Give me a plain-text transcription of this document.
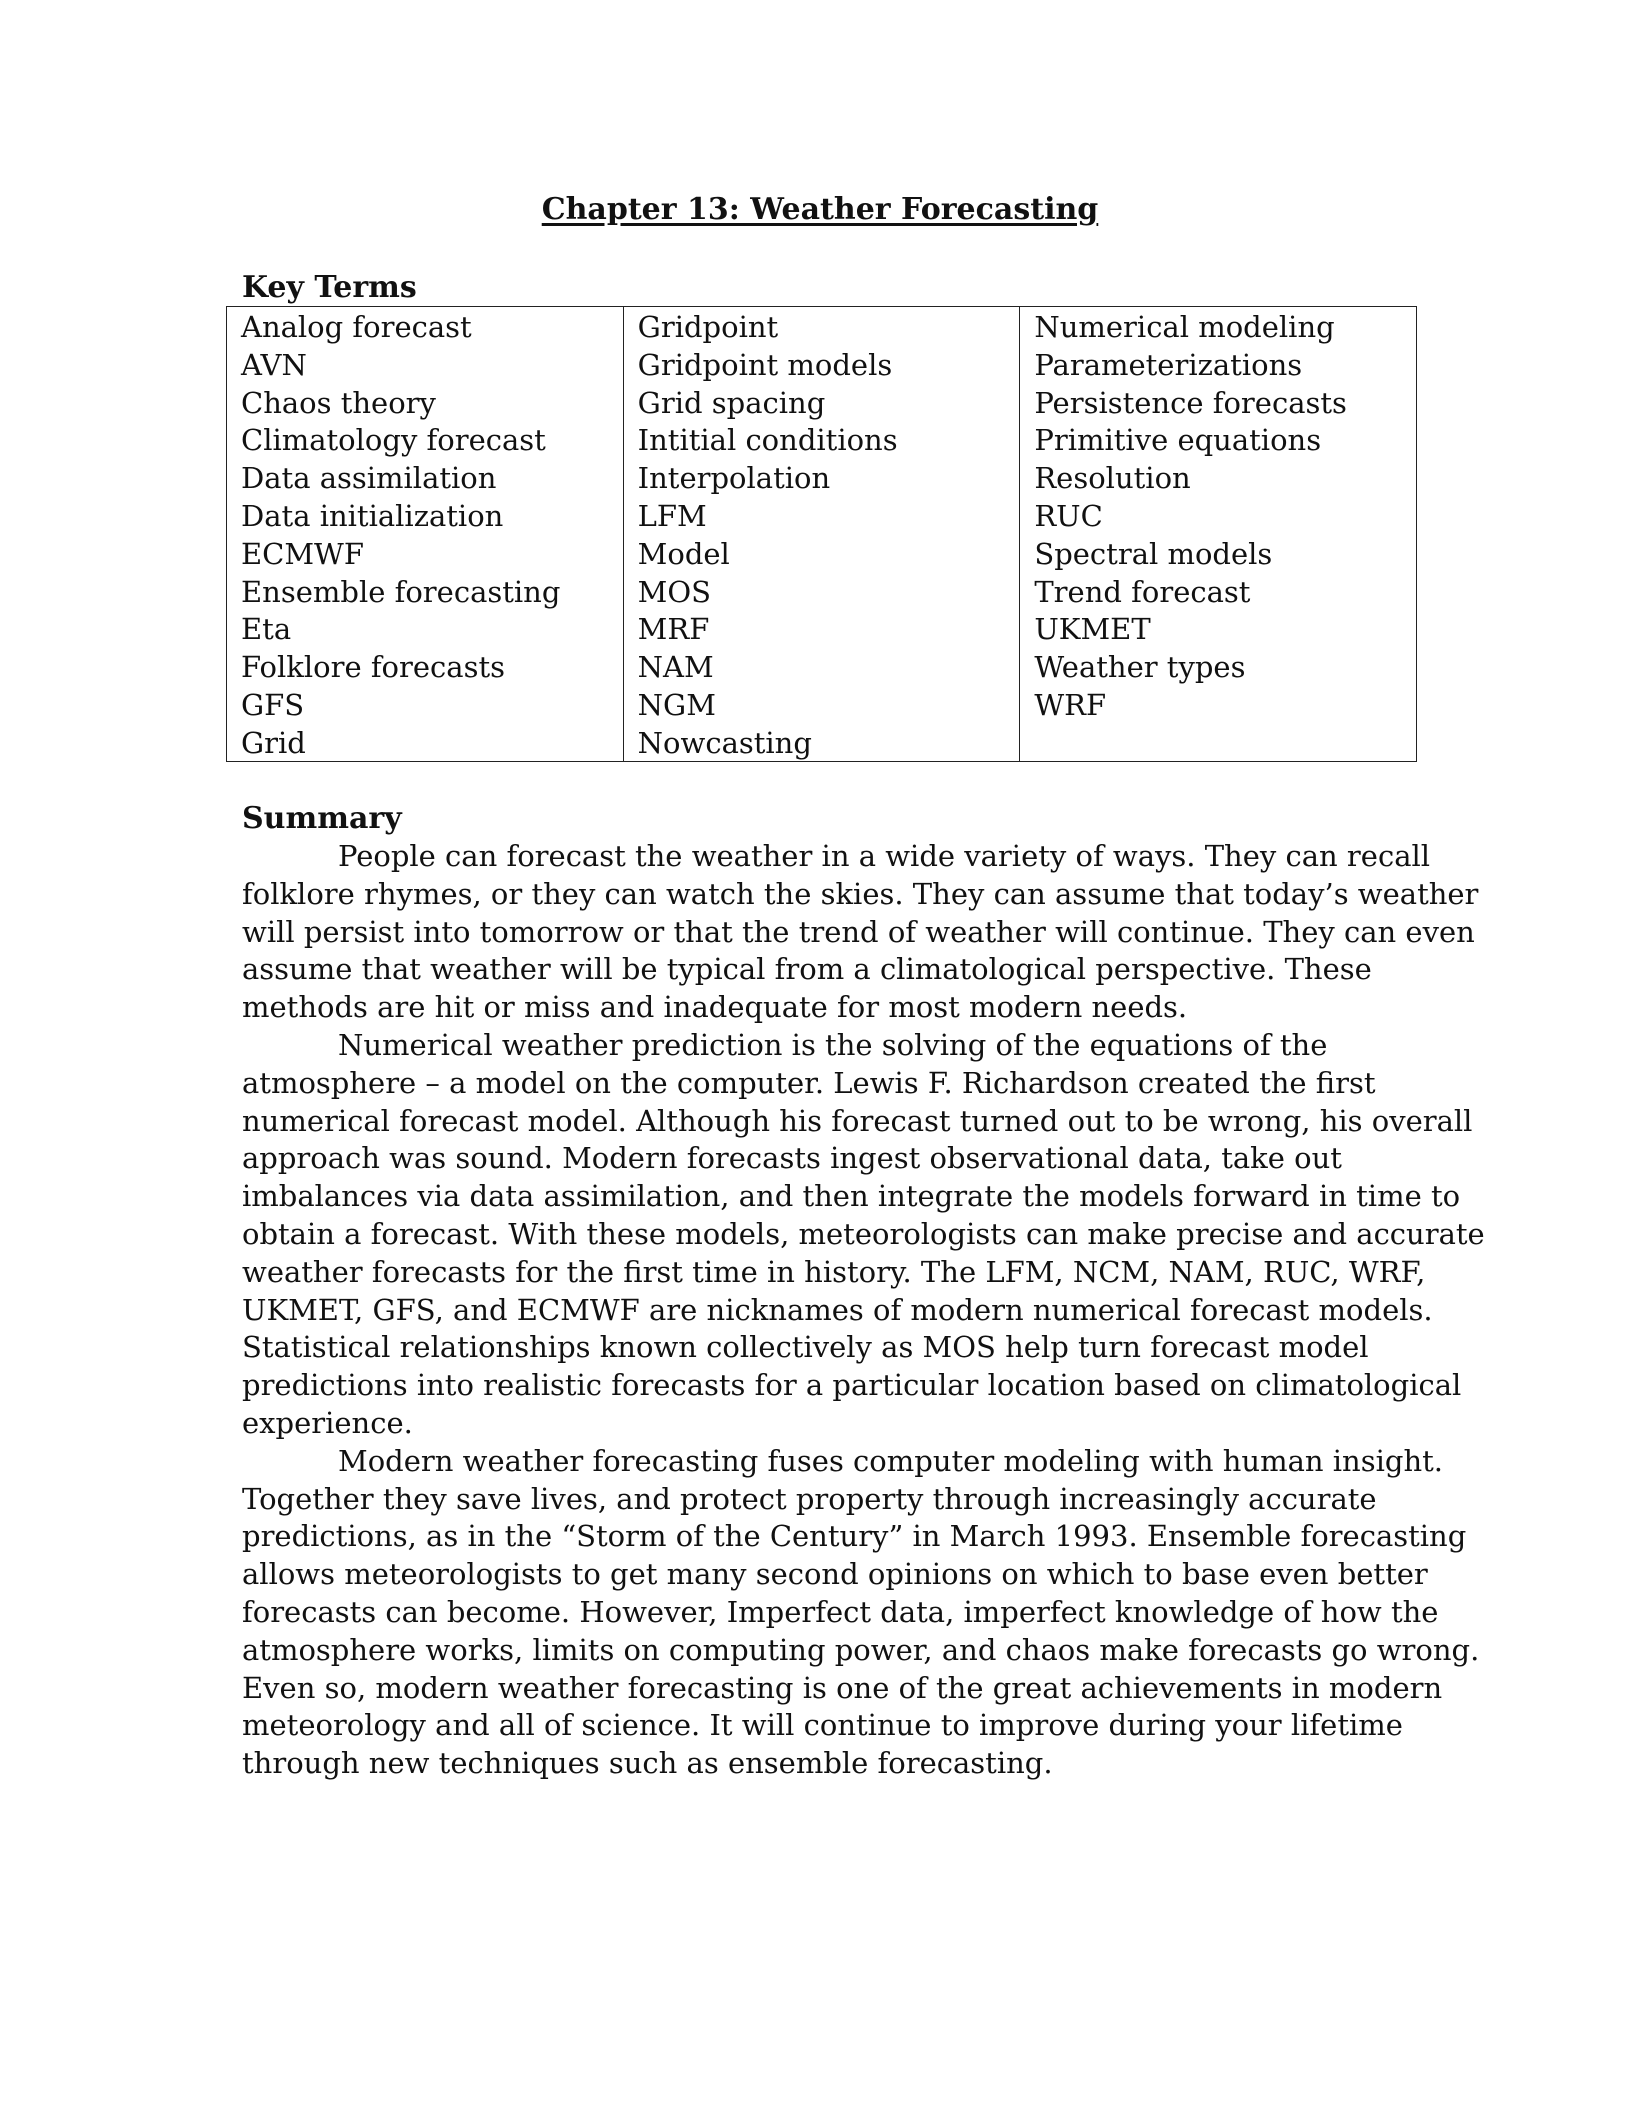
Chapter 13: Weather Forecasting
Key Terms
Analog forecast
AVN
Chaos theory
Climatology forecast
Data assimilation
Data initialization
ECMWF
Ensemble forecasting
Eta
Folklore forecasts
GFS
Grid
Gridpoint
Gridpoint models
Grid spacing
Intitial conditions
Interpolation
LFM
Model
MOS
MRF
NAM
NGM
Nowcasting
Numerical modeling
Parameterizations
Persistence forecasts
Primitive equations
Resolution
RUC
Spectral models
Trend forecast
UKMET
Weather types
WRF
Summary
People can forecast the weather in a wide variety of ways. They can recall
folklore rhymes, or they can watch the skies. They can assume that today’s weather
will persist into tomorrow or that the trend of weather will continue. They can even
assume that weather will be typical from a climatological perspective. These
methods are hit or miss and inadequate for most modern needs.
Numerical weather prediction is the solving of the equations of the
atmosphere – a model on the computer. Lewis F. Richardson created the first
numerical forecast model. Although his forecast turned out to be wrong, his overall
approach was sound. Modern forecasts ingest observational data, take out
imbalances via data assimilation, and then integrate the models forward in time to
obtain a forecast. With these models, meteorologists can make precise and accurate
weather forecasts for the first time in history. The LFM, NCM, NAM, RUC, WRF,
UKMET, GFS, and ECMWF are nicknames of modern numerical forecast models.
Statistical relationships known collectively as MOS help turn forecast model
predictions into realistic forecasts for a particular location based on climatological
experience.
Modern weather forecasting fuses computer modeling with human insight.
Together they save lives, and protect property through increasingly accurate
predictions, as in the “Storm of the Century” in March 1993. Ensemble forecasting
allows meteorologists to get many second opinions on which to base even better
forecasts can become. However, Imperfect data, imperfect knowledge of how the
atmosphere works, limits on computing power, and chaos make forecasts go wrong.
Even so, modern weather forecasting is one of the great achievements in modern
meteorology and all of science. It will continue to improve during your lifetime
through new techniques such as ensemble forecasting.
